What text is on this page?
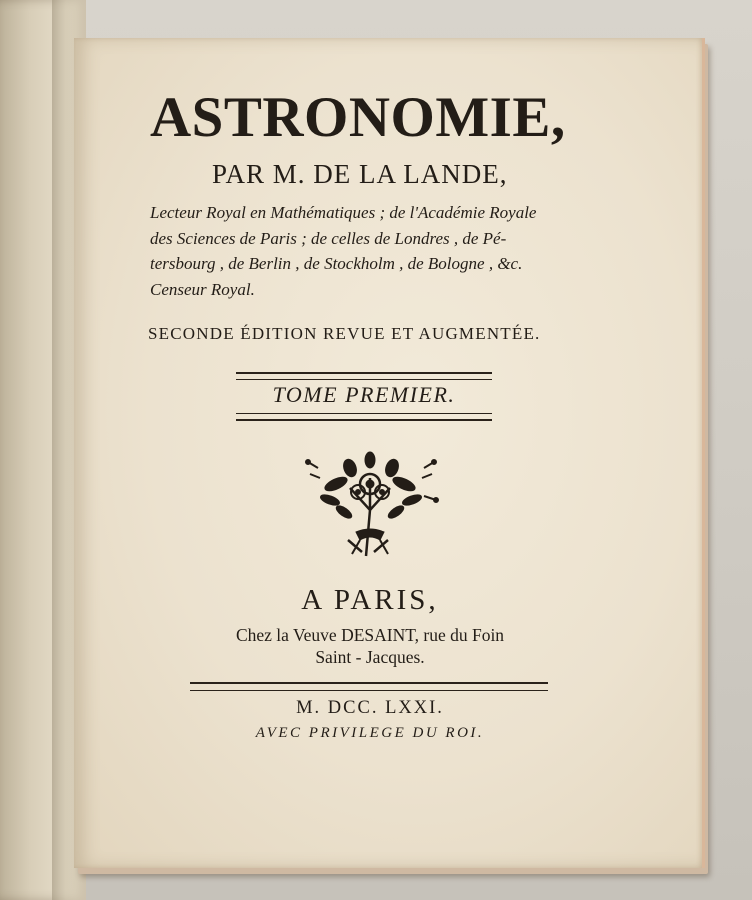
ASTRONOMIE,
PAR M. DE LA LANDE,
Lecteur Royal en Mathématiques ; de l'Académie Royale
des Sciences de Paris ; de celles de Londres , de Pé-
tersbourg , de Berlin , de Stockholm , de Bologne , &c.
Censeur Royal.
SECONDE ÉDITION REVUE ET AUGMENTÉE.
TOME PREMIER.
A PARIS,
Chez la Veuve DESAINT, rue du Foin
Saint - Jacques.
M. DCC. LXXI.
AVEC PRIVILEGE DU ROI.
